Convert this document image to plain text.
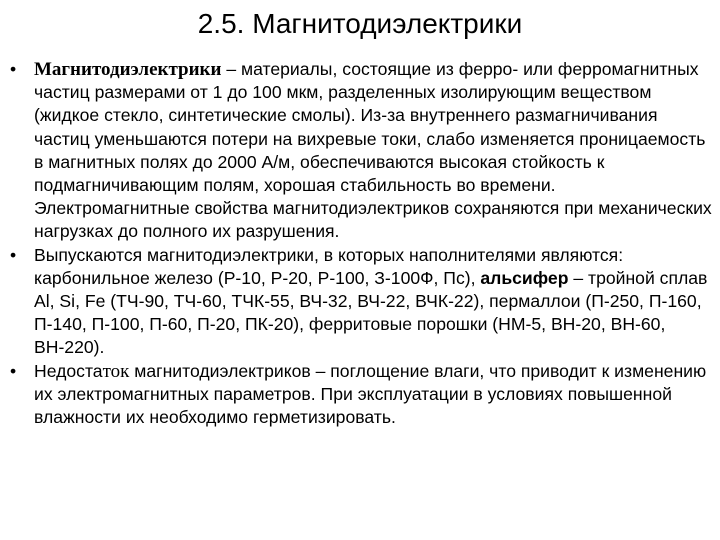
2.5. Магнитодиэлектрики
• Магнитодиэлектрики – материалы, состоящие из ферро- или ферромагнитных частиц размерами от 1 до 100 мкм, разделенных изолирующим веществом (жидкое стекло, синтетические смолы). Из-за внутреннего размагничивания частиц уменьшаются потери на вихревые токи, слабо изменяется проницаемость в магнитных полях до 2000 А/м, обеспечиваются высокая стойкость к подмагничивающим полям, хорошая стабильность во времени. Электромагнитные свойства магнитодиэлектриков сохраняются при механических нагрузках до полного их разрушения.
•	Выпускаются магнитодиэлектрики, в которых наполнителями являются: карбонильное железо (Р-10, Р-20, Р-100, З-100Ф, Пс), альсифер – тройной сплав Al, Si, Fe (ТЧ-90, ТЧ-60, ТЧК-55, ВЧ-32, ВЧ-22, ВЧК-22), пермаллои (П-250, П-160, П-140, П-100, П-60, П-20, ПК-20), ферритовые порошки (НМ-5, ВН-20, ВН-60, ВН-220).
•	Недостаток магнитодиэлектриков – поглощение влаги, что приводит к изменению их электромагнитных параметров. При эксплуатации в условиях повышенной влажности их необходимо герметизировать.
